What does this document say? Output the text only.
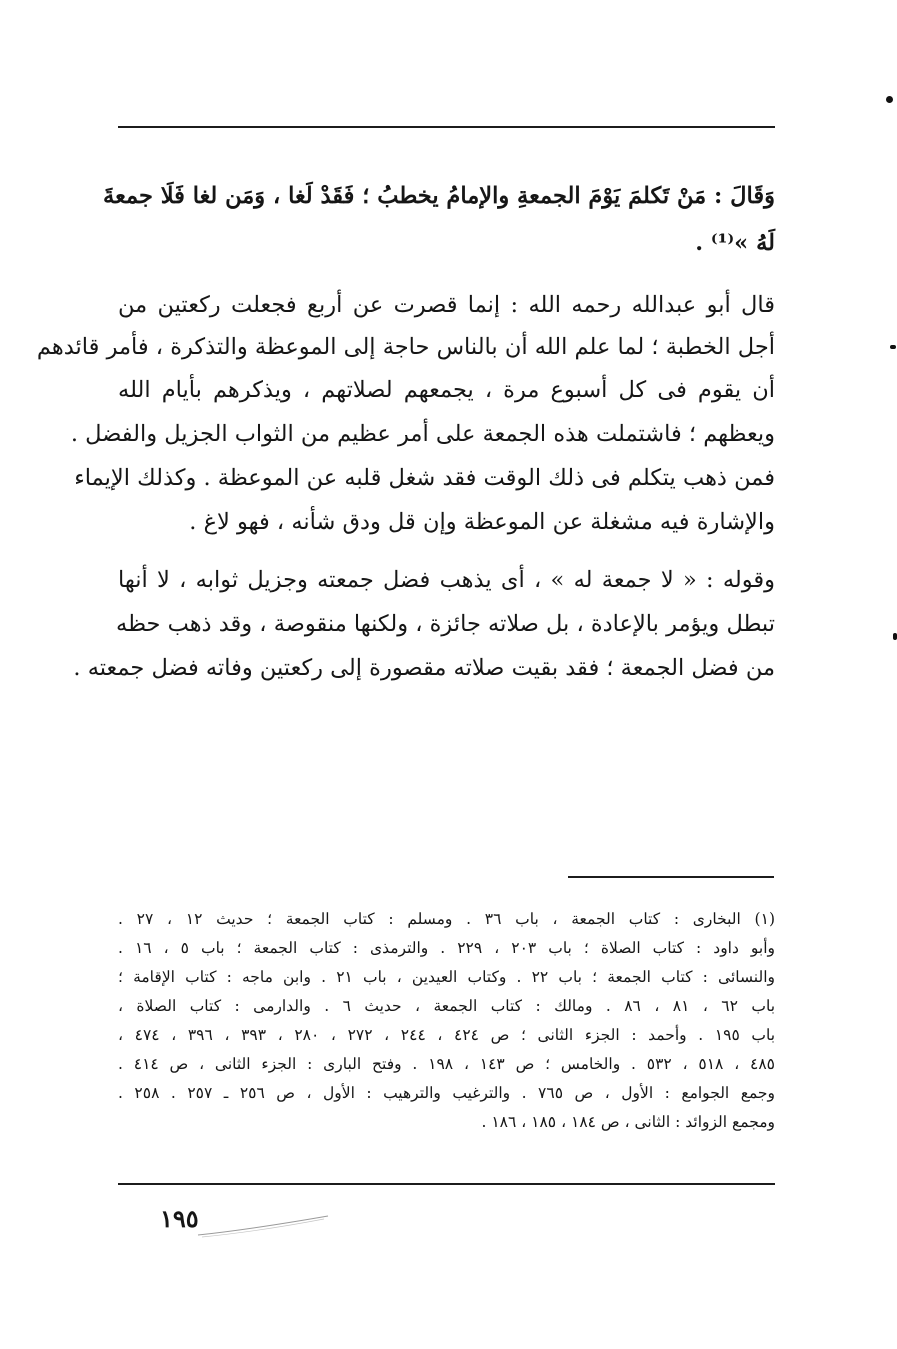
وَقَالَ : مَنْ تَكلمَ يَوْمَ الجمعةِ والإمامُ يخطبُ ؛ فَقَدْ لَغا ، وَمَن لغا فَلَا جمعةَ
لَهُ »⁽¹⁾ .
قال أبو عبدالله رحمه الله : إنما قصرت عن أربع فجعلت ركعتين من
أجل الخطبة ؛ لما علم الله أن بالناس حاجة إلى الموعظة والتذكرة ، فأمر قائدهم
أن يقوم فى كل أسبوع مرة ، يجمعهم لصلاتهم ، ويذكرهم بأيام الله
ويعظهم ؛ فاشتملت هذه الجمعة على أمر عظيم من الثواب الجزيل والفضل .
فمن ذهب يتكلم فى ذلك الوقت فقد شغل قلبه عن الموعظة . وكذلك الإيماء
والإشارة فيه مشغلة عن الموعظة وإن قل ودق شأنه ، فهو لاغ .
وقوله : « لا جمعة له » ، أى يذهب فضل جمعته وجزيل ثوابه ، لا أنها
تبطل ويؤمر بالإعادة ، بل صلاته جائزة ، ولكنها منقوصة ، وقد ذهب حظه
من فضل الجمعة ؛ فقد بقيت صلاته مقصورة إلى ركعتين وفاته فضل جمعته .
(١) البخارى : كتاب الجمعة ، باب ٣٦ . ومسلم : كتاب الجمعة ؛ حديث ١٢ ، ٢٧ .
وأبو داود : كتاب الصلاة ؛ باب ٢٠٣ ، ٢٢٩ . والترمذى : كتاب الجمعة ؛ باب ٥ ، ١٦ .
والنسائى : كتاب الجمعة ؛ باب ٢٢ . وكتاب العيدين ، باب ٢١ . وابن ماجه : كتاب الإقامة ؛
باب ٦٢ ، ٨١ ، ٨٦ . ومالك : كتاب الجمعة ، حديث ٦ . والدارمى : كتاب الصلاة ،
باب ١٩٥ . وأحمد : الجزء الثانى ؛ ص ٤٢٤ ، ٢٤٤ ، ٢٧٢ ، ٢٨٠ ، ٣٩٣ ، ٣٩٦ ، ٤٧٤ ،
٤٨٥ ، ٥١٨ ، ٥٣٢ . والخامس ؛ ص ١٤٣ ، ١٩٨ . وفتح البارى : الجزء الثانى ، ص ٤١٤ .
وجمع الجوامع : الأول ، ص ٧٦٥ . والترغيب والترهيب : الأول ، ص ٢٥٦ ـ ٢٥٧ . ٢٥٨ .
ومجمع الزوائد : الثانى ، ص ١٨٤ ، ١٨٥ ، ١٨٦ .
١٩٥
